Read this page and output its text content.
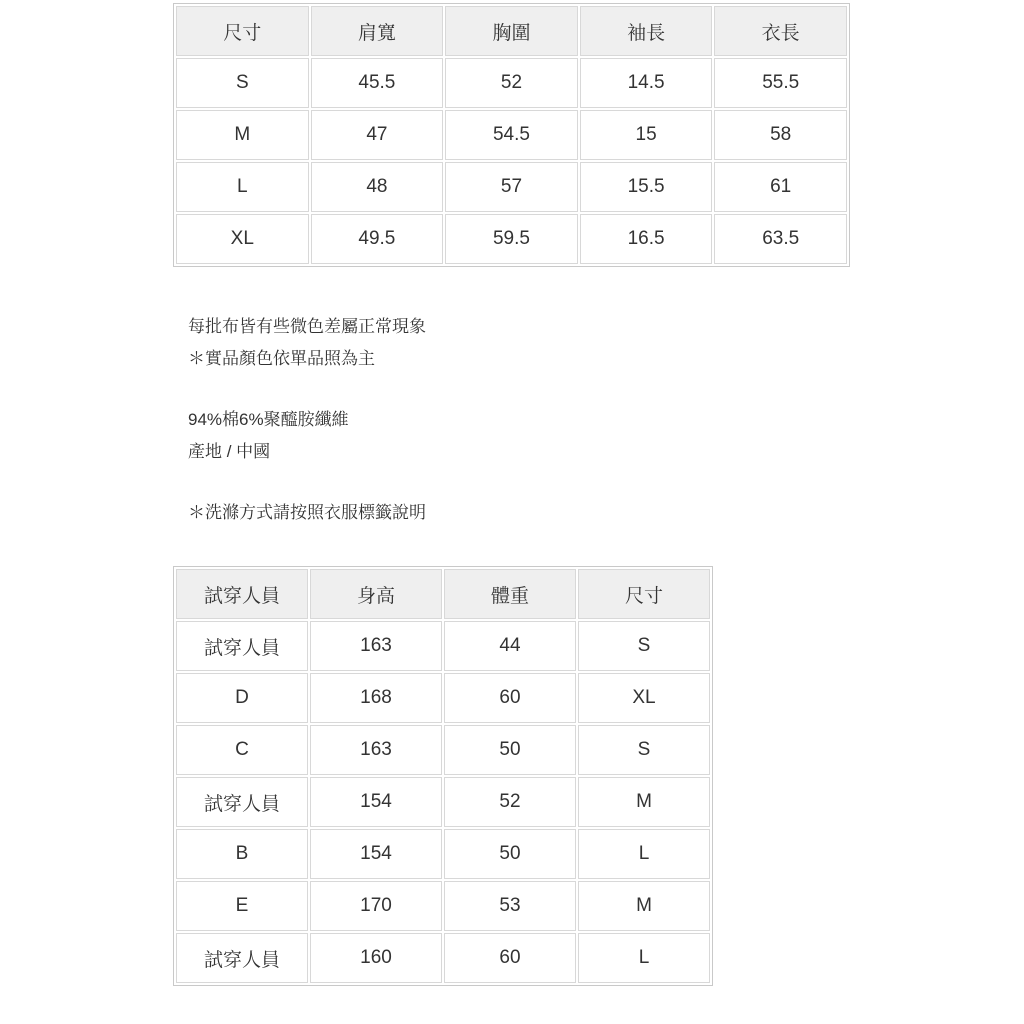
尺寸	肩寬	胸圍	袖長	衣長
S	45.5	52	14.5	55.5
M	47	54.5	15	58
L	48	57	15.5	61
XL	49.5	59.5	16.5	63.5

每批布皆有些微色差屬正常現象

＊實品顏色依單品照為主

94%棉6%聚醯胺纖維

產地 / 中國

＊洗滌方式請按照衣服標籤說明

試穿人員	身高	體重	尺寸
試穿人員	163	44	S
D	168	60	XL
C	163	50	S
試穿人員	154	52	M
B	154	50	L
E	170	53	M
試穿人員	160	60	L
